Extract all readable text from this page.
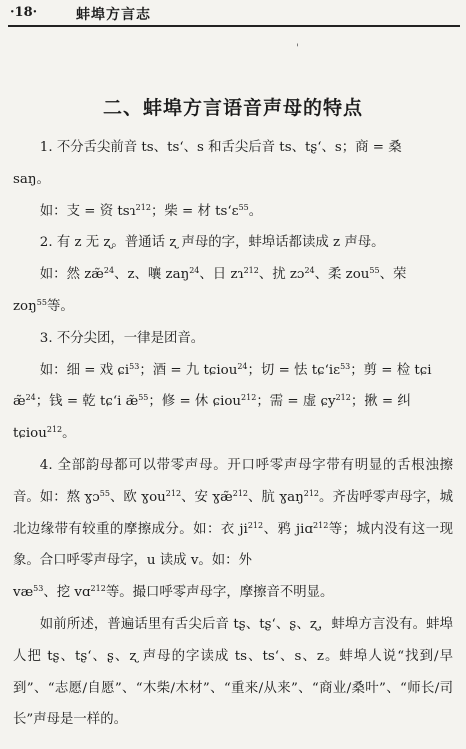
·18·	蚌埠方言志
'
二、蚌埠方言语音声母的特点

1. 不分舌尖前音 ts、ts‘、s 和舌尖后音 ts、tʂ‘、s；商 = 桑
saŋ。

如：支 = 资 tsɿ$^{212}$；柴 = 材 ts‘ɛ$^{55}$。

2. 有 z 无 ʐ。普通话 ʐ 声母的字，蚌埠话都读成 z 声母。

如：然 zæ̃$^{24}$、z、嚷 zaŋ$^{24}$、日 zɿ$^{212}$、扰 zɔ$^{24}$、柔 zou$^{55}$、荣
zoŋ$^{55}$等。

3. 不分尖团，一律是团音。

如：细 = 戏 ɕi$^{53}$；酒 = 九 tɕiou$^{24}$；切 = 怯 tɕ‘iɛ$^{53}$；剪 = 检 tɕi
æ̃$^{24}$；钱 = 乾 tɕ‘i æ̃$^{55}$；修 = 休 ɕiou$^{212}$；需 = 虚 ɕy$^{212}$；揪 = 纠
tɕiou$^{212}$。

4. 全部韵母都可以带零声母。开口呼零声母字带有明显的舌根浊擦音。如：熬 ɣɔ$^{55}$、欧 ɣou$^{212}$、安 ɣæ̃$^{212}$、肮 ɣaŋ$^{212}$。齐齿呼零声母字，城北边缘带有较重的摩擦成分。如：衣 $ji^{212}$、鸦 jiɑ$^{212}$等；城内没有这一现象。合口呼零声母字，u 读成 v。如：外
$væ^{53}$、挖 vɑ$^{212}$等。撮口呼零声母字，摩擦音不明显。

如前所述，普遍话里有舌尖后音 tʂ、tʂ‘、ʂ、ʐ，蚌埠方言没有。蚌埠人把 tʂ、tʂ‘、ʂ、ʐ 声母的字读成 ts、ts‘、s、z。蚌埠人说“找到/早到”、“志愿/自愿”、“木柴/木材”、“重来/从来”、“商业/桑叶”、“师长/司长”声母是一样的。
